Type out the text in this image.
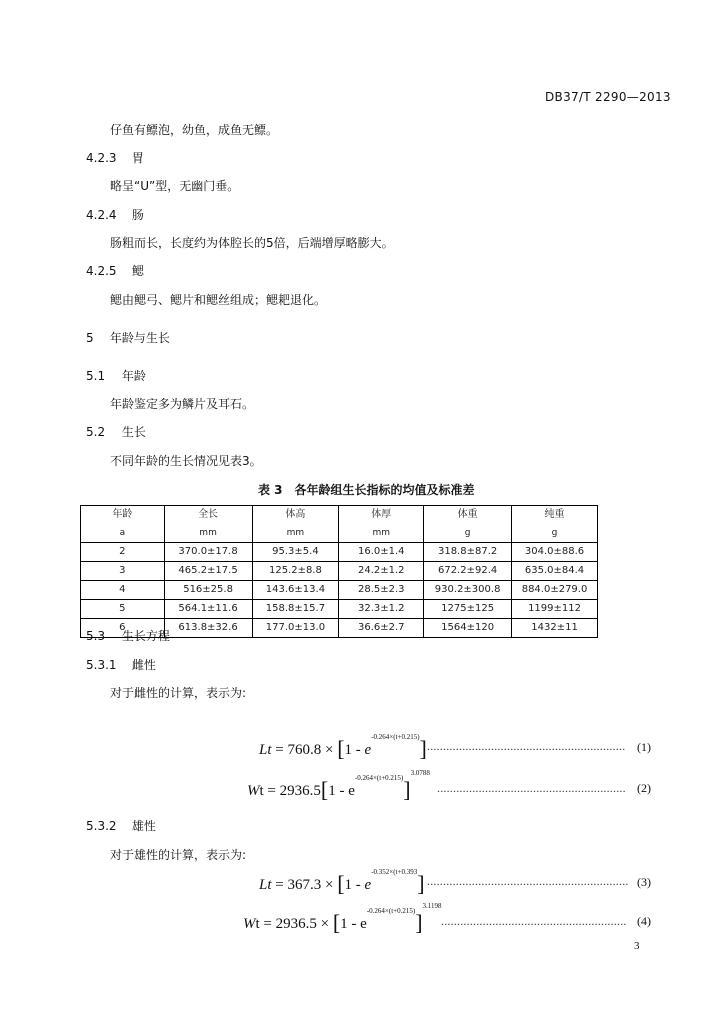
DB37/T 2290—2013
仔鱼有鳔泡，幼鱼，成鱼无鳔。
4.2.3 胃
略呈“U”型，无幽门垂。
4.2.4 肠
肠粗而长，长度约为体腔长的5倍，后端增厚略膨大。
4.2.5 鳃
鳃由鳃弓、鳃片和鳃丝组成；鳃耙退化。
5 年龄与生长
5.1 年龄
年龄鉴定多为鳞片及耳石。
5.2 生长
不同年龄的生长情况见表3。
表 3　各年龄组生长指标的均值及标准差
年龄	全长	体高	体厚	体重	纯重
a	mm	mm	mm	g	g
2	370.0±17.8	95.3±5.4	16.0±1.4	318.8±87.2	304.0±88.6
3	465.2±17.5	125.2±8.8	24.2±1.2	672.2±92.4	635.0±84.4
4	516±25.8	143.6±13.4	28.5±2.3	930.2±300.8	884.0±279.0
5	564.1±11.6	158.8±15.7	32.3±1.2	1275±125	1199±112
6	613.8±32.6	177.0±13.0	36.6±2.7	1564±120	1432±11
5.3 生长方程
5.3.1 雌性
对于雌性的计算，表示为:
$Lt = 760.8 \times [1 - e^{-0.264\times(t+0.215)}]$ .............................................................. (1)
$Wt = 2936.5[1 - e^{-0.264\times(t+0.215)}]^{3.0788}$
........................................................... (2)
5.3.2 雄性
对于雄性的计算，表示为:
$Lt = 367.3 \times [1 - e^{-0.352\times(t+0.393}]$ ............................................................... (3)
$Wt = 2936.5 \times [1 - e^{-0.264\times(t+0.215)}]^{3.1198}$
.......................................................... (4)
3
